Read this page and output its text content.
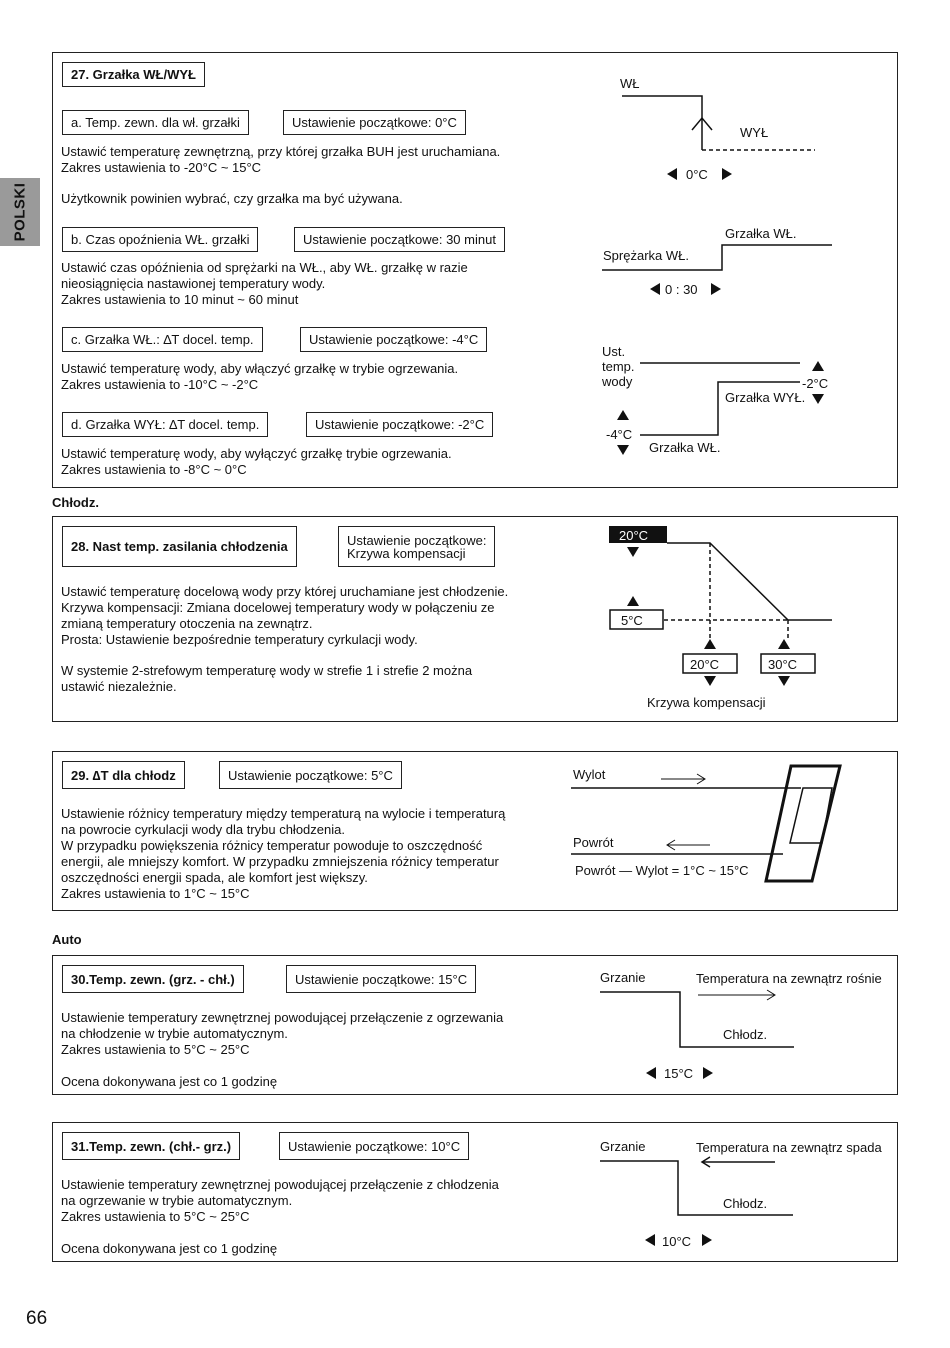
POLSKI
27. Grzałka WŁ/WYŁ
a. Temp. zewn. dla wł. grzałki	Ustawienie początkowe: 0°C
Ustawić temperaturę zewnętrzną, przy której grzałka BUH jest uruchamiana.
Zakres ustawienia to -20°C ~ 15°C
Użytkownik powinien wybrać, czy grzałka ma być używana.
b. Czas opoźnienia WŁ. grzałki	Ustawienie początkowe: 30 minut
Ustawić czas opóźnienia od sprężarki na WŁ., aby WŁ. grzałkę w razie
nieosiągnięcia nastawionej temperatury wody.
Zakres ustawienia to 10 minut ~ 60 minut
c. Grzałka WŁ.: ∆T docel. temp.	Ustawienie początkowe: -4°C
Ustawić temperaturę wody, aby włączyć grzałkę w trybie ogrzewania.
Zakres ustawienia to -10°C ~ -2°C
d. Grzałka WYŁ: ∆T docel. temp.	Ustawienie początkowe: -2°C
Ustawić temperaturę wody, aby wyłączyć grzałkę trybie ogrzewania.
Zakres ustawienia to -8°C ~ 0°C
WŁ
WYŁ
0°C
Grzałka WŁ.
Sprężarka WŁ.
0 : 30
Ust.
temp.
wody	-2°C
Grzałka WYŁ.
-4°C
Grzałka WŁ.
Chłodz.
28. Nast temp. zasilania chłodzenia	Ustawienie początkowe:
Krzywa kompensacji
Ustawić temperaturę docelową wody przy której uruchamiane jest chłodzenie.
Krzywa kompensacji: Zmiana docelowej temperatury wody w połączeniu ze
zmianą temperatury otoczenia na zewnątrz.
Prosta: Ustawienie bezpośrednie temperatury cyrkulacji wody.
W systemie 2-strefowym temperaturę wody w strefie 1 i strefie 2 można
ustawić niezależnie.
20°C
5°C
20°C	30°C
Krzywa kompensacji
29. ∆T dla chłodz	Ustawienie początkowe: 5°C
Ustawienie różnicy temperatury między temperaturą na wylocie i temperaturą
na powrocie cyrkulacji wody dla trybu chłodzenia.
W przypadku powiększenia różnicy temperatur powoduje to oszczędność
energii, ale mniejszy komfort. W przypadku zmniejszenia różnicy temperatur
oszczędności energii spada, ale komfort jest większy.
Zakres ustawienia to 1°C ~ 15°C
Wylot
Powrót
Powrót — Wylot = 1°C ~ 15°C
Auto
30.Temp. zewn. (grz. - chł.)	Ustawienie początkowe: 15°C
Ustawienie temperatury zewnętrznej powodującej przełączenie z ogrzewania
na chłodzenie w trybie automatycznym.
Zakres ustawienia to 5°C ~ 25°C
Ocena dokonywana jest co 1 godzinę
Grzanie	Temperatura na zewnątrz rośnie
Chłodz.
15°C
31.Temp. zewn. (chł.- grz.)	Ustawienie początkowe: 10°C
Ustawienie temperatury zewnętrznej powodującej przełączenie z chłodzenia
na ogrzewanie w trybie automatycznym.
Zakres ustawienia to 5°C ~ 25°C
Ocena dokonywana jest co 1 godzinę
Grzanie	Temperatura na zewnątrz spada
Chłodz.
10°C
66
